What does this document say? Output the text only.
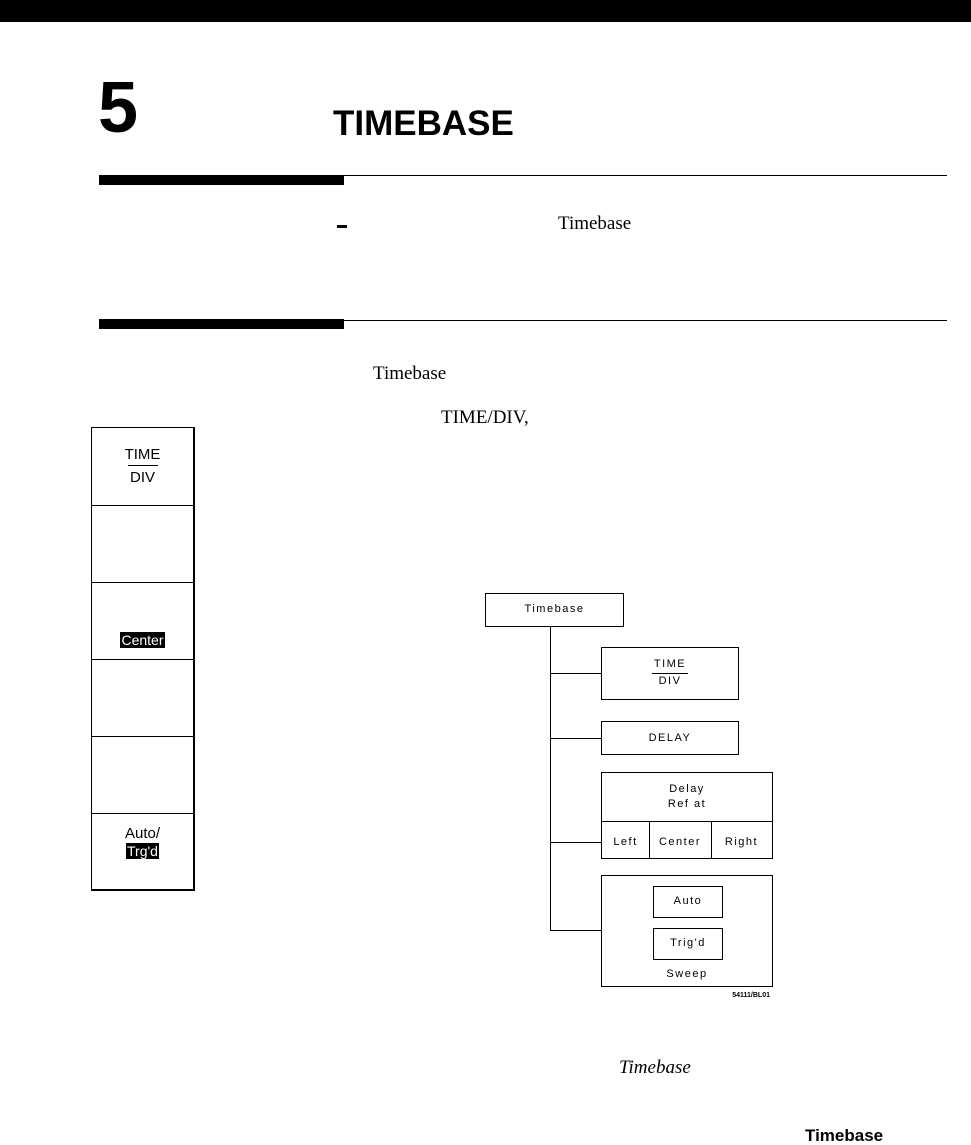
5	TIMEBASE
Timebase
Timebase
TIME/DIV,
TIME
DIV
Center
Auto/
Trg'd
Timebase
TIME
DIV
DELAY
Delay
Ref at
Left	Center	Right
Auto
Trig'd
Sweep
54111/BL01
Timebase
Timebase
